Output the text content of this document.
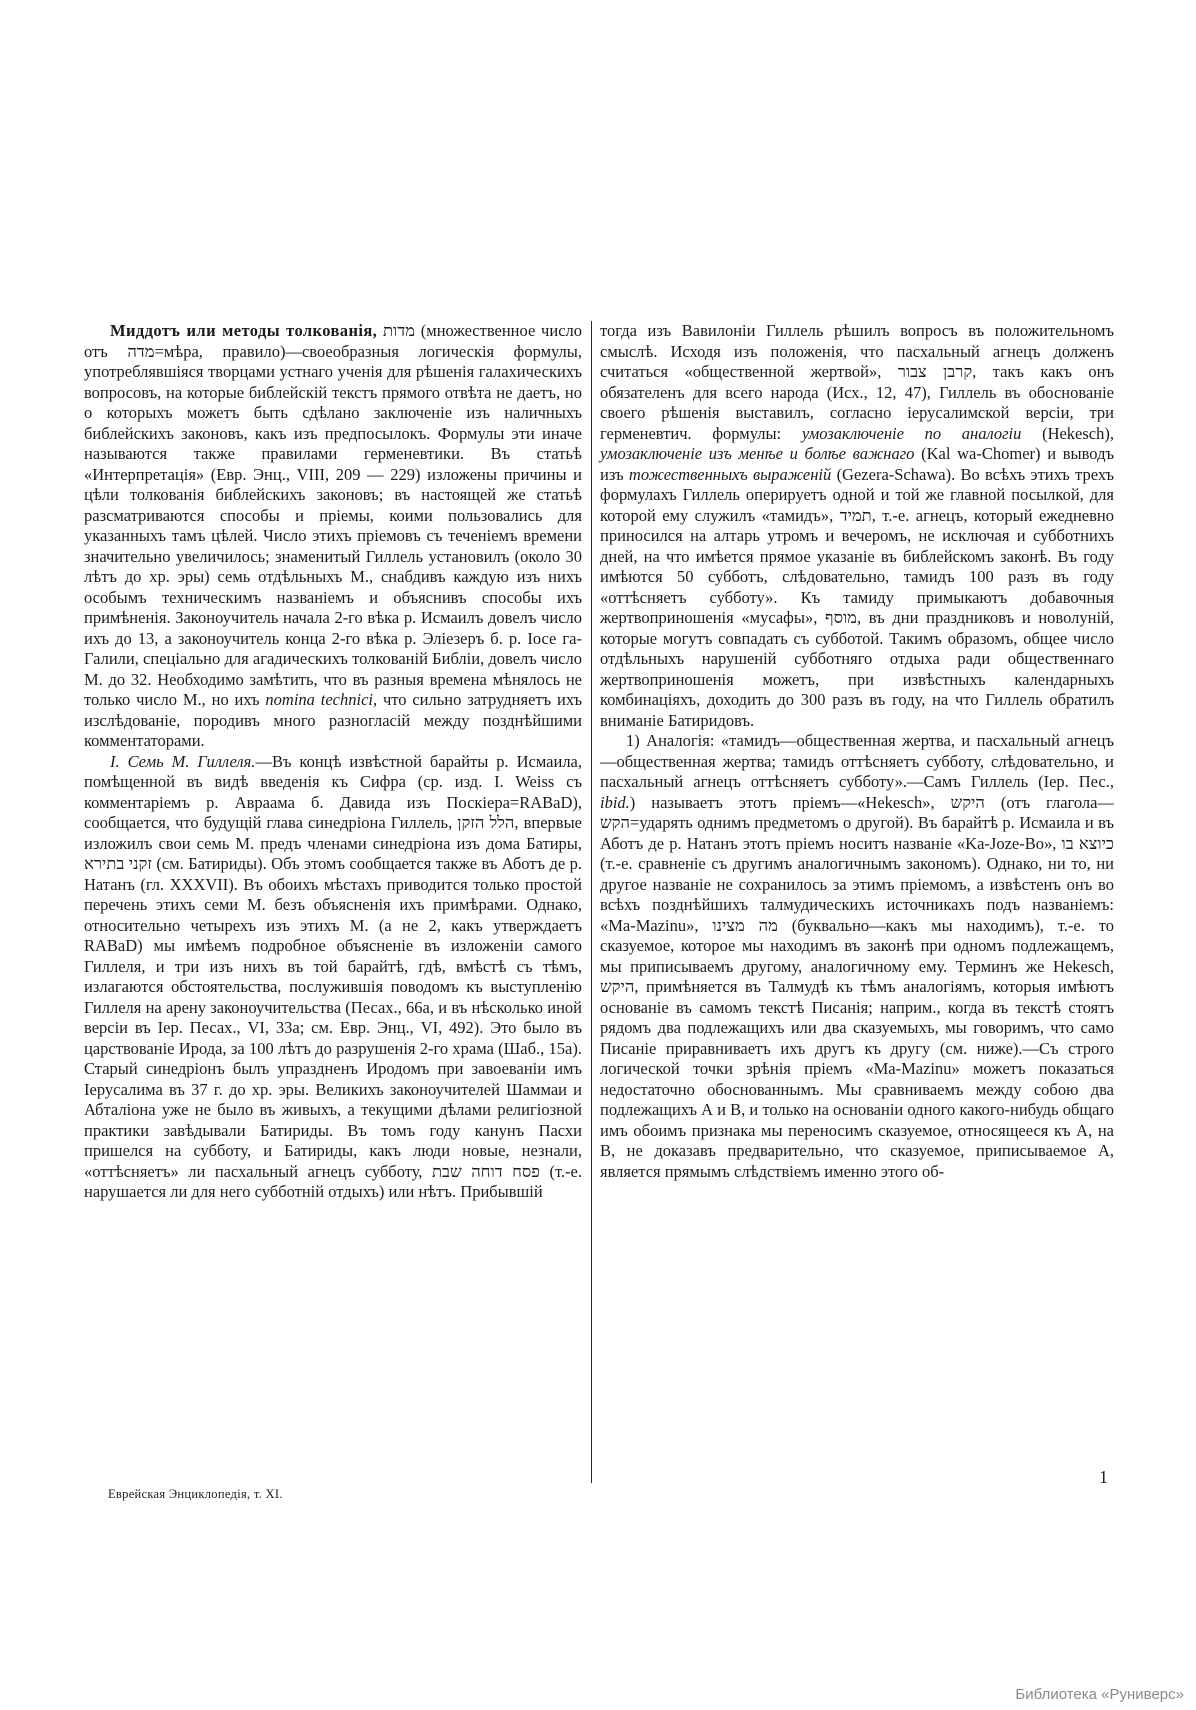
Миддотъ или методы толкованія, מדות (множественное число отъ מדה=мѣра, правило)—своеобразныя логическія формулы, употреблявшіяся творцами устнаго ученія для рѣшенія галахическихъ вопросовъ, на которые библейскій текстъ прямого отвѣта не даетъ, но о которыхъ можетъ быть сдѣлано заключеніе изъ наличныхъ библейскихъ законовъ, какъ изъ предпосылокъ. Формулы эти иначе называются также правилами герменевтики. Въ статьѣ «Интерпретація» (Евр. Энц., VIII, 209 — 229) изложены причины и цѣли толкованія библейскихъ законовъ; въ настоящей же статьѣ разсматриваются способы и пріемы, коими пользовались для указанныхъ тамъ цѣлей. Число этихъ пріемовъ съ теченіемъ времени значительно увеличилось; знаменитый Гиллель установилъ (около 30 лѣтъ до хр. эры) семь отдѣльныхъ М., снабдивъ каждую изъ нихъ особымъ техническимъ названіемъ и объяснивъ способы ихъ примѣненія. Законоучитель начала 2-го вѣка р. Исмаилъ довелъ число ихъ до 13, а законоучитель конца 2-го вѣка р. Эліезеръ б. р. Іосе га-Галили, спеціально для агадическихъ толкованій Библіи, довелъ число М. до 32. Необходимо замѣтить, что въ разныя времена мѣнялось не только число М., но ихъ nomina technici, что сильно затрудняетъ ихъ изслѣдованіе, породивъ много разногласій между позднѣйшими комментаторами.

І. Семь М. Гиллеля.—Въ концѣ извѣстной барайты р. Исмаила, помѣщенной въ видѣ введенія къ Сифра (ср. изд. I. Weiss съ комментаріемъ р. Авраама б. Давида изъ Поскіера=RABaD), сообщается, что будущій глава синедріона Гиллель, הלל הזקן, впервые изложилъ свои семь М. предъ членами синедріона изъ дома Батиры, זקני בתירא (см. Батириды). Объ этомъ сообщается также въ Аботъ де р. Натанъ (гл. XXXVII). Въ обоихъ мѣстахъ приводится только простой перечень этихъ семи М. безъ объясненія ихъ примѣрами. Однако, относительно четырехъ изъ этихъ М. (а не 2, какъ утверждаетъ RABaD) мы имѣемъ подробное объясненіе въ изложеніи самого Гиллеля, и три изъ нихъ въ той барайтѣ, гдѣ, вмѣстѣ съ тѣмъ, излагаются обстоятельства, послужившія поводомъ къ выступленію Гиллеля на арену законоучительства (Песах., 66а, и въ нѣсколько иной версіи въ Іер. Песах., VI, 33а; см. Евр. Энц., VI, 492). Это было въ царствованіе Ирода, за 100 лѣтъ до разрушенія 2-го храма (Шаб., 15а). Старый синедріонъ былъ упраздненъ Иродомъ при завоеваніи имъ Іерусалима въ 37 г. до хр. эры. Великихъ законоучителей Шаммаи и Абталіона уже не было въ живыхъ, а текущими дѣлами религіозной практики завѣдывали Батириды. Въ томъ году канунъ Пасхи пришелся на субботу, и Батириды, какъ люди новые, незнали, «оттѣсняетъ» ли пасхальный агнецъ субботу, פסח דוחה שבת (т.-е. нарушается ли для него субботній отдыхъ) или нѣтъ. Прибывшій

тогда изъ Вавилоніи Гиллель рѣшилъ вопросъ въ положительномъ смыслѣ. Исходя изъ положенія, что пасхальный агнецъ долженъ считаться «общественной жертвой», קרבן צבור, такъ какъ онъ обязателенъ для всего народа (Исх., 12, 47), Гиллель въ обоснованіе своего рѣшенія выставилъ, согласно іерусалимской версіи, три герменевтич. формулы: умозаключеніе по аналогіи (Hekesch), умозаключеніе изъ менѣе и болѣе важнаго (Kal wa-Chomer) и выводъ изъ тожественныхъ выраженій (Gezera-Schawa). Во всѣхъ этихъ трехъ формулахъ Гиллель оперируетъ одной и той же главной посылкой, для которой ему служилъ «тамидъ», תמיד, т.-е. агнецъ, который ежедневно приносился на алтарь утромъ и вечеромъ, не исключая и субботнихъ дней, на что имѣется прямое указаніе въ библейскомъ законѣ. Въ году имѣются 50 субботъ, слѣдовательно, тамидъ 100 разъ въ году «оттѣсняетъ субботу». Къ тамиду примыкаютъ добавочныя жертвоприношенія «мусафы», מוסף, въ дни праздниковъ и новолуній, которые могутъ совпадать съ субботой. Такимъ образомъ, общее число отдѣльныхъ нарушеній субботняго отдыха ради общественнаго жертвоприношенія можетъ, при извѣстныхъ календарныхъ комбинаціяхъ, доходить до 300 разъ въ году, на что Гиллель обратилъ вниманіе Батиридовъ.

1) Аналогія: «тамидъ—общественная жертва, и пасхальный агнецъ—общественная жертва; тамидъ оттѣсняетъ субботу, слѣдовательно, и пасхальный агнецъ оттѣсняетъ субботу».—Самъ Гиллель (Іер. Пес., ibid.) называетъ этотъ пріемъ—«Hekesch», היקש (отъ глагола—הקש=ударять однимъ предметомъ о другой). Въ барайтѣ р. Исмаила и въ Аботъ де р. Натанъ этотъ пріемъ носитъ названіе «Ka-Joze-Bo», כיוצא בו (т.-е. сравненіе съ другимъ аналогичнымъ закономъ). Однако, ни то, ни другое названіе не сохранилось за этимъ пріемомъ, а извѣстенъ онъ во всѣхъ позднѣйшихъ талмудическихъ источникахъ подъ названіемъ: «Ma-Mazinu», מה מצינו (буквально—какъ мы находимъ), т.-е. то сказуемое, которое мы находимъ въ законѣ при одномъ подлежащемъ, мы приписываемъ другому, аналогичному ему. Терминъ же Hekesch, היקש, примѣняется въ Талмудѣ къ тѣмъ аналогіямъ, которыя имѣютъ основаніе въ самомъ текстѣ Писанія; наприм., когда въ текстѣ стоятъ рядомъ два подлежащихъ или два сказуемыхъ, мы говоримъ, что само Писаніе приравниваетъ ихъ другъ къ другу (см. ниже).—Съ строго логической точки зрѣнія пріемъ «Ma-Mazinu» можетъ показаться недостаточно обоснованнымъ. Мы сравниваемъ между собою два подлежащихъ А и В, и только на основаніи одного какого-нибудь общаго имъ обоимъ признака мы переносимъ сказуемое, относящееся къ А, на В, не доказавъ предварительно, что сказуемое, приписываемое А, является прямымъ слѣдствіемъ именно этого об-

Еврейская Энциклопедія, т. XI.
1
Библиотека «Руниверс»
